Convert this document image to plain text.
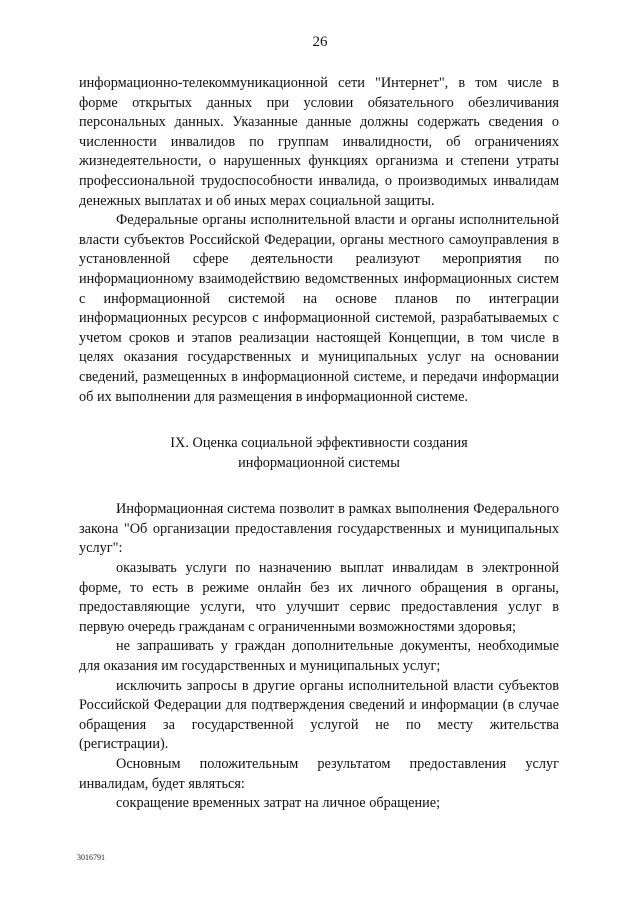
26

информационно-телекоммуникационной сети "Интернет", в том числе в форме открытых данных при условии обязательного обезличивания персональных данных. Указанные данные должны содержать сведения о численности инвалидов по группам инвалидности, об ограничениях жизнедеятельности, о нарушенных функциях организма и степени утраты профессиональной трудоспособности инвалида, о производимых инвалидам денежных выплатах и об иных мерах социальной защиты.

Федеральные органы исполнительной власти и органы исполнительной власти субъектов Российской Федерации, органы местного самоуправления в установленной сфере деятельности реализуют мероприятия по информационному взаимодействию ведомственных информационных систем с информационной системой на основе планов по интеграции информационных ресурсов с информационной системой, разрабатываемых с учетом сроков и этапов реализации настоящей Концепции, в том числе в целях оказания государственных и муниципальных услуг на основании сведений, размещенных в информационной системе, и передачи информации об их выполнении для размещения в информационной системе.

IX. Оценка социальной эффективности создания
информационной системы

Информационная система позволит в рамках выполнения Федерального закона "Об организации предоставления государственных и муниципальных услуг":

оказывать услуги по назначению выплат инвалидам в электронной форме, то есть в режиме онлайн без их личного обращения в органы, предоставляющие услуги, что улучшит сервис предоставления услуг в первую очередь гражданам с ограниченными возможностями здоровья;

не запрашивать у граждан дополнительные документы, необходимые для оказания им государственных и муниципальных услуг;

исключить запросы в другие органы исполнительной власти субъектов Российской Федерации для подтверждения сведений и информации (в случае обращения за государственной услугой не по месту жительства (регистрации).

Основным положительным результатом предоставления услуг инвалидам, будет являться:

сокращение временных затрат на личное обращение;

3016791
